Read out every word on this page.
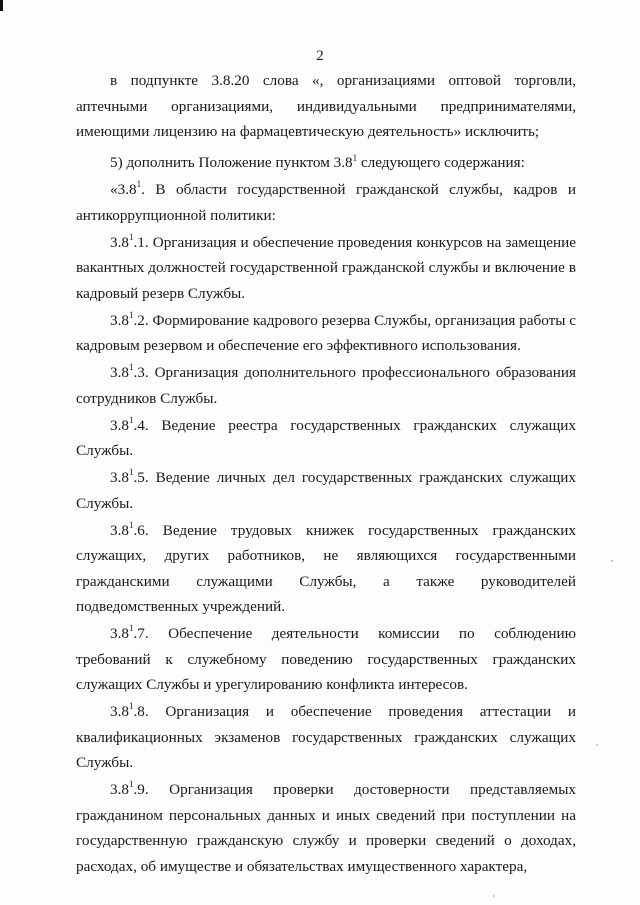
2

в подпункте 3.8.20 слова «, организациями оптовой торговли, аптечными организациями, индивидуальными предпринимателями, имеющими лицензию на фармацевтическую деятельность» исключить;

5) дополнить Положение пунктом $3.8^1$ следующего содержания:

«$3.8^1$. В области государственной гражданской службы, кадров и антикоррупционной политики:

$3.8^1.1$. Организация и обеспечение проведения конкурсов на замещение вакантных должностей государственной гражданской службы и включение в кадровый резерв Службы.

$3.8^1.2$. Формирование кадрового резерва Службы, организация работы с кадровым резервом и обеспечение его эффективного использования.

$3.8^1.3$. Организация дополнительного профессионального образования сотрудников Службы.

$3.8^1.4$. Ведение реестра государственных гражданских служащих Службы.

$3.8^1.5$. Ведение личных дел государственных гражданских служащих Службы.

$3.8^1.6$. Ведение трудовых книжек государственных гражданских служащих, других работников, не являющихся государственными гражданскими служащими Службы, а также руководителей подведомственных учреждений.

$3.8^1.7$. Обеспечение деятельности комиссии по соблюдению требований к служебному поведению государственных гражданских служащих Службы и урегулированию конфликта интересов.

$3.8^1.8$. Организация и обеспечение проведения аттестации и квалификационных экзаменов государственных гражданских служащих Службы.

$3.8^1.9$. Организация проверки достоверности представляемых гражданином персональных данных и иных сведений при поступлении на государственную гражданскую службу и проверки сведений о доходах, расходах, об имуществе и обязательствах имущественного характера,
